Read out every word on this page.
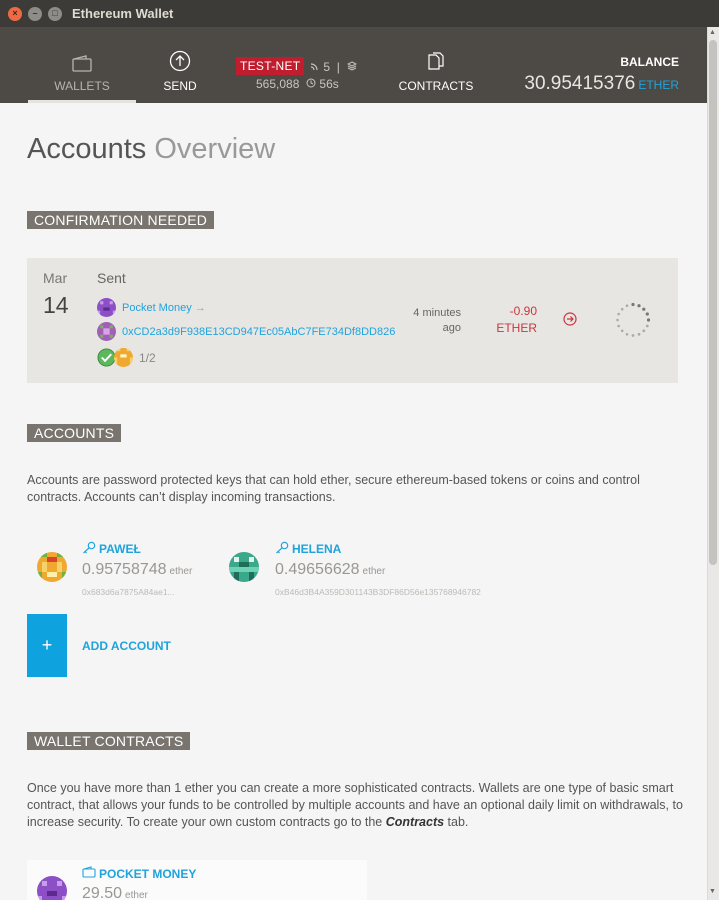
×	–	□	Ethereum Wallet
WALLETS	SEND
TEST-NET	5 |
565,088 56s	CONTRACTS
BALANCE
30.95415376 ETHER
▲
▼
Accounts Overview
CONFIRMATION NEEDED
Mar
14
Sent
Pocket Money
→
0xCD2a3d9F938E13CD947Ec05AbC7FE734Df8DD826
1/2
4 minutes
ago
-0.90
ETHER
ACCOUNTS
Accounts are password protected keys that can hold ether, secure ethereum-based tokens or coins and control contracts. Accounts can’t display incoming transactions.
PAWEŁ
0.95758748 ether
0x683d6a7875A84ae1...
HELENA
0.49656628 ether
0xB46d3B4A359D301143B3DF86D56e135768946782
+	ADD ACCOUNT
WALLET CONTRACTS
Once you have more than 1 ether you can create a more sophisticated contracts. Wallets are one type of basic smart contract, that allows your funds to be controlled by multiple accounts and have an optional daily limit on withdrawals, to increase security. To create your own custom contracts go to the Contracts tab.
POCKET MONEY
29.50 ether
